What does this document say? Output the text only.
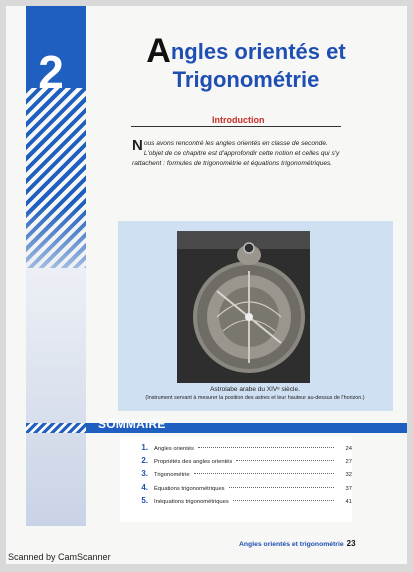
2	Angles orientés et
Trigonométrie
Introduction
Nous avons rencontré les angles orientés en classe de seconde. L'objet de ce chapitre est d'approfondir cette notion et celles qui s'y rattachent : formules de trigonométrie et équations trigonométriques.
Astrolabe arabe du XIVᵉ siècle.
(Instrument servant à mesurer la position des astres et leur hauteur au-dessus de l'horizon.)
SOMMAIRE
1. Angles orientés	24
2. Propriétés des angles orientés	27
3. Trigonométrie	32
4. Équations trigonométriques	37
5. Inéquations trigonométriques	41
Angles orientés et trigonométrie 23
Scanned by CamScanner
